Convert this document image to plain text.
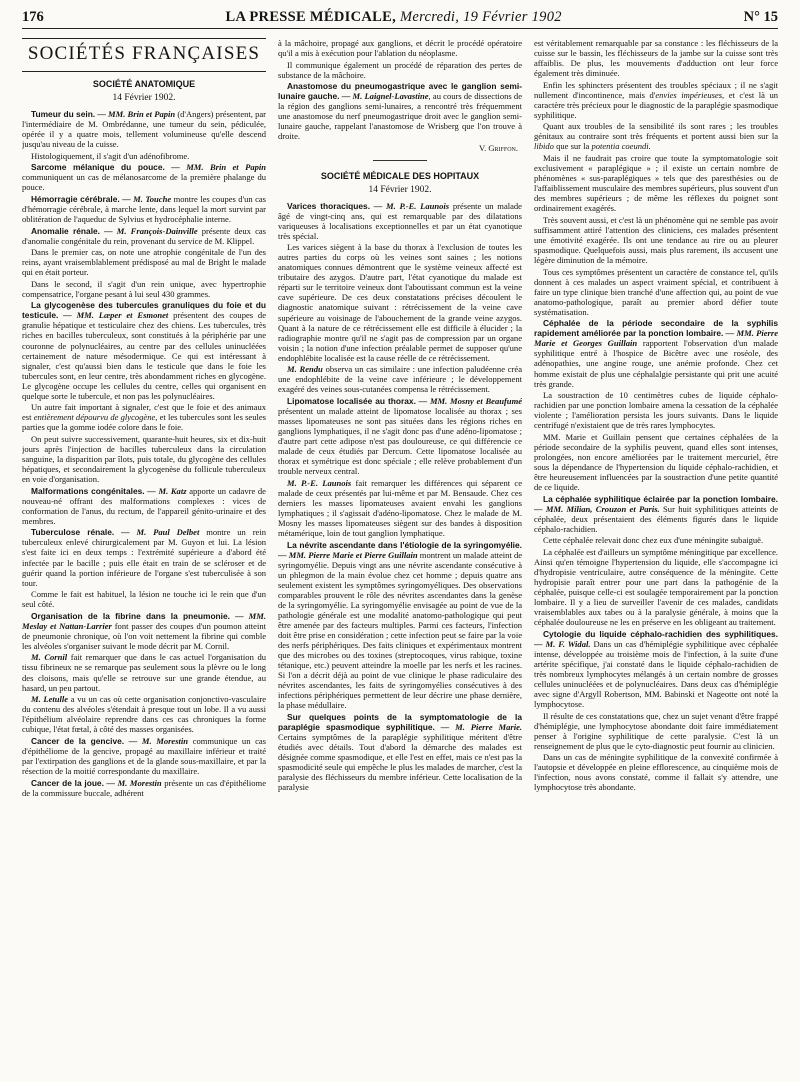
176	LA PRESSE MÉDICALE, Mercredi, 19 Février 1902	N° 15
SOCIÉTÉS FRANÇAISES
SOCIÉTÉ ANATOMIQUE
14 Février 1902.

Tumeur du sein. — MM. Brin et Papin (d'Angers) présentent, par l'intermédiaire de M. Ombrédanne, une tumeur du sein, pédiculée, opérée il y a quatre mois, tellement volumineuse qu'elle descend jusqu'au niveau de la cuisse.

Histologiquement, il s'agit d'un adénofibrome.

Sarcome mélanique du pouce. — MM. Brin et Papin communiquent un cas de mélanosarcome de la première phalange du pouce.

Hémorragie cérébrale. — M. Touche montre les coupes d'un cas d'hémorragie cérébrale, à marche lente, dans lequel la mort survint par oblitération de l'aqueduc de Sylvius et hydrocéphalie interne.

Anomalie rénale. — M. François-Dainville présente deux cas d'anomalie congénitale du rein, provenant du service de M. Klippel.

Dans le premier cas, on note une atrophie congénitale de l'un des reins, ayant vraisemblablement prédisposé au mal de Bright le malade qui en était porteur.

Dans le second, il s'agit d'un rein unique, avec hypertrophie compensatrice, l'organe pesant à lui seul 430 grammes.

La glycogenèse des tubercules granuliques du foie et du testicule. — MM. Læper et Esmonet présentent des coupes de granulie hépatique et testiculaire chez des chiens. Les tubercules, très riches en bacilles tuberculeux, sont constitués à la périphérie par une couronne de polynucléaires, au centre par des cellules uninucléées certainement de nature mésodermique. Ce qui est intéressant à signaler, c'est qu'aussi bien dans le testicule que dans le foie les tubercules sont, en leur centre, très abondamment riches en glycogène. Le glycogène occupe les cellules du centre, celles qui organisent en quelque sorte le tubercule, et non pas les polynucléaires.

Un autre fait important à signaler, c'est que le foie et des animaux est entièrement dépourvu de glycogène, et les tubercules sont les seules parties que la gomme iodée colore dans le foie.

On peut suivre successivement, quarante-huit heures, six et dix-huit jours après l'injection de bacilles tuberculeux dans la circulation sanguine, la disparition par îlots, puis totale, du glycogène des cellules hépatiques, et secondairement la glycogenèse du follicule tuberculeux en voie d'organisation.

Malformations congénitales. — M. Katz apporte un cadavre de nouveau-né offrant des malformations complexes : vices de conformation de l'anus, du rectum, de l'appareil génito-urinaire et des membres.

Tuberculose rénale. — M. Paul Delbet montre un rein tuberculeux enlevé chirurgicalement par M. Guyon et lui. La lésion s'est faite ici en deux temps : l'extrémité supérieure a d'abord été infectée par le bacille ; puis elle était en train de se scléroser et de guérir quand la portion inférieure de l'organe s'est tuberculisée à son tour.

Comme le fait est habituel, la lésion ne touche ici le rein que d'un seul côté.

Organisation de la fibrine dans la pneumonie. — MM. Meslay et Nattan-Larrier font passer des coupes d'un poumon atteint de pneumonie chronique, où l'on voit nettement la fibrine qui comble les alvéoles s'organiser suivant le mode décrit par M. Cornil.

M. Cornil fait remarquer que dans le cas actuel l'organisation du tissu fibrineux ne se remarque pas seulement sous la plèvre ou le long des cloisons, mais qu'elle se retrouve sur une grande étendue, au hasard, un peu partout.

M. Letulle a vu un cas où cette organisation conjonctivo-vasculaire du contenu des alvéoles s'étendait à presque tout un lobe. Il a vu aussi l'épithélium alvéolaire reprendre dans ces cas chroniques la forme cubique, l'état fœtal, à côté des masses organisées.

Cancer de la gencive. — M. Morestin communique un cas d'épithéliome de la gencive, propagé au maxillaire inférieur et traité par l'extirpation des ganglions et de la glande sous-maxillaire, et par la résection de la moitié correspondante du maxillaire.

Cancer de la joue. — M. Morestin présente un cas d'épithéliome de la commissure buccale, adhérent

à la mâchoire, propagé aux ganglions, et décrit le procédé opératoire qu'il a mis à exécution pour l'ablation du néoplasme.

Il communique également un procédé de réparation des pertes de substance de la mâchoire.

Anastomose du pneumogastrique avec le ganglion semi-lunaire gauche. — M. Laignel-Lavastine, au cours de dissections de la région des ganglions semi-lunaires, a rencontré très fréquemment une anastomose du nerf pneumogastrique droit avec le ganglion semi-lunaire gauche, rappelant l'anastomose de Wrisberg que l'on trouve à droite.

V. Griffon.
SOCIÉTÉ MÉDICALE DES HOPITAUX
14 Février 1902.

Varices thoraciques. — M. P.-E. Launois présente un malade âgé de vingt-cinq ans, qui est remarquable par des dilatations variqueuses à localisations exceptionnelles et par un état cyanotique très spécial.

Les varices siègent à la base du thorax à l'exclusion de toutes les autres parties du corps où les veines sont saines ; les notions anatomiques connues démontrent que le système veineux affecté est tributaire des azygos. D'autre part, l'état cyanotique du malade est réparti sur le territoire veineux dont l'aboutissant commun est la veine cave supérieure. De ces deux constatations précises découlent le diagnostic anatomique suivant : rétrécissement de la veine cave supérieure au voisinage de l'abouchement de la grande veine azygos. Quant à la nature de ce rétrécissement elle est difficile à élucider ; la radiographie montre qu'il ne s'agit pas de compression par un organe voisin ; la notion d'une infection préalable permet de supposer qu'une endophlébite localisée est la cause réelle de ce rétrécissement.

M. Rendu observa un cas similaire : une infection paludéenne créa une endophlébite de la veine cave inférieure ; le développement exagéré des veines sous-cutanées compensa le rétrécissement.

Lipomatose localisée au thorax. — MM. Mosny et Beaufumé présentent un malade atteint de lipomatose localisée au thorax ; ses masses lipomateuses ne sont pas situées dans les régions riches en ganglions lymphatiques, il ne s'agit donc pas d'une adéno-lipomatose ; d'autre part cette adipose n'est pas douloureuse, ce qui différencie ce malade de ceux étudiés par Dercum. Cette lipomatose localisée au thorax et symétrique est donc spéciale ; elle relève probablement d'un trouble nerveux central.

M. P.-E. Launois fait remarquer les différences qui séparent ce malade de ceux présentés par lui-même et par M. Bensaude. Chez ces derniers les masses lipomateuses avaient envahi les ganglions lymphatiques ; il s'agissait d'adéno-lipomatose. Chez le malade de M. Mosny les masses lipomateuses siègent sur des bandes à disposition métamérique, loin de tout ganglion lymphatique.

La névrite ascendante dans l'étiologie de la syringomyélie. — MM. Pierre Marie et Pierre Guillain montrent un malade atteint de syringomyélie. Depuis vingt ans une névrite ascendante consécutive à un phlegmon de la main évolue chez cet homme ; depuis quatre ans seulement existent les symptômes syringomyéliques. Des observations comparables prouvent le rôle des névrites ascendantes dans la genèse de la syringomyélie. La syringomyélie envisagée au point de vue de la pathologie générale est une modalité anatomo-pathologique qui peut être amenée par des facteurs multiples. Parmi ces facteurs, l'infection doit être prise en considération ; cette infection peut se faire par la voie des nerfs périphériques. Des faits cliniques et expérimentaux montrent que des microbes ou des toxines (streptocoques, virus rabique, toxine tétanique, etc.) peuvent atteindre la moelle par les nerfs et les racines. Si l'on a décrit déjà au point de vue clinique le phase radiculaire des névrites ascendantes, les faits de syringomyélies consécutives à des infections périphériques permettent de leur décrire une phase dernière, la phase médullaire.

Sur quelques points de la symptomatologie de la paraplégie spasmodique syphilitique. — M. Pierre Marie. Certains symptômes de la paraplégie syphilitique méritent d'être étudiés avec détails. Tout d'abord la démarche des malades est désignée comme spasmodique, et elle l'est en effet, mais ce n'est pas la spasmodicité seule qui empêche le plus les malades de marcher, c'est la paralysie des fléchisseurs du membre inférieur. Cette localisation de la paralysie

est véritablement remarquable par sa constance : les fléchisseurs de la cuisse sur le bassin, les fléchisseurs de la jambe sur la cuisse sont très affaiblis. De plus, les mouvements d'adduction ont leur force également très diminuée.

Enfin les sphincters présentent des troubles spéciaux ; il ne s'agit nullement d'incontinence, mais d'envies impérieuses, et c'est là un caractère très précieux pour le diagnostic de la paraplégie spasmodique syphilitique.

Quant aux troubles de la sensibilité ils sont rares ; les troubles génitaux au contraire sont très fréquents et portent aussi bien sur la libido que sur la potentia coeundi.

Mais il ne faudrait pas croire que toute la symptomatologie soit exclusivement « paraplégique » ; il existe un certain nombre de phénomènes « sus-paraplégiques » tels que des paresthésies ou de l'affaiblissement musculaire des membres supérieurs, plus souvent d'un des membres supérieurs ; de même les réflexes du poignet sont ordinairement exagérés.

Très souvent aussi, et c'est là un phénomène qui ne semble pas avoir suffisamment attiré l'attention des cliniciens, ces malades présentent une émotivité exagérée. Ils ont une tendance au rire ou au pleurer spasmodique. Quelquefois aussi, mais plus rarement, ils accusent une légère diminution de la mémoire.

Tous ces symptômes présentent un caractère de constance tel, qu'ils donnent à ces malades un aspect vraiment spécial, et contribuent à faire un type clinique bien tranché d'une affection qui, au point de vue anatomo-pathologique, paraît au premier abord défier toute systématisation.

Céphalée de la période secondaire de la syphilis rapidement améliorée par la ponction lombaire. — MM. Pierre Marie et Georges Guillain rapportent l'observation d'un malade syphilitique entré à l'hospice de Bicêtre avec une roséole, des adénopathies, une angine rouge, une anémie profonde. Chez cet homme existait de plus une céphalalgie persistante qui prit une acuité très grande.

La soustraction de 10 centimètres cubes de liquide céphalo-rachidien par une ponction lombaire amena la cessation de la céphalée violente ; l'amélioration persista les jours suivants. Dans le liquide centrifugé n'existaient que de très rares lymphocytes.

MM. Marie et Guillain pensent que certaines céphalées de la période secondaire de la syphilis peuvent, quand elles sont intenses, prolongées, non encore améliorées par le traitement mercuriel, être sous la dépendance de l'hypertension du liquide céphalo-rachidien, et être heureusement influencées par la soustraction d'une petite quantité de ce liquide.

La céphalée syphilitique éclairée par la ponction lombaire. — MM. Milian, Crouzon et Paris. Sur huit syphilitiques atteints de céphalée, deux présentaient des éléments figurés dans le liquide céphalo-rachidien.

Cette céphalée relevait donc chez eux d'une méningite subaiguë.

La céphalée est d'ailleurs un symptôme méningitique par excellence. Ainsi qu'en témoigne l'hypertension du liquide, elle s'accompagne ici d'hydropisie ventriculaire, autre conséquence de la méningite. Cette hydropisie paraît entrer pour une part dans la pathogénie de la céphalée, puisque celle-ci est soulagée temporairement par la ponction lombaire. Il y a lieu de surveiller l'avenir de ces malades, candidats vraisemblables aux tabes ou à la paralysie générale, à moins que la céphalée douloureuse ne les en préserve en les obligeant au traitement.

Cytologie du liquide céphalo-rachidien des syphilitiques. — M. F. Widal. Dans un cas d'hémiplégie syphilitique avec céphalée intense, développée au troisième mois de l'infection, à la suite d'une artérite spécifique, j'ai constaté dans le liquide céphalo-rachidien de très nombreux lymphocytes mélangés à un certain nombre de grosses cellules uninucléées et de polynucléaires. Dans deux cas d'hémiplégie avec signe d'Argyll Robertson, MM. Babinski et Nageotte ont noté la lymphocytose.

Il résulte de ces constatations que, chez un sujet venant d'être frappé d'hémiplégie, une lymphocytose abondante doit faire immédiatement penser à l'origine syphilitique de cette paralysie. C'est là un renseignement de plus que le cyto-diagnostic peut fournir au clinicien.

Dans un cas de méningite syphilitique de la convexité confirmée à l'autopsie et développée en pleine efflorescence, au cinquième mois de l'infection, nous avons constaté, comme il fallait s'y attendre, une lymphocytose très abondante.
